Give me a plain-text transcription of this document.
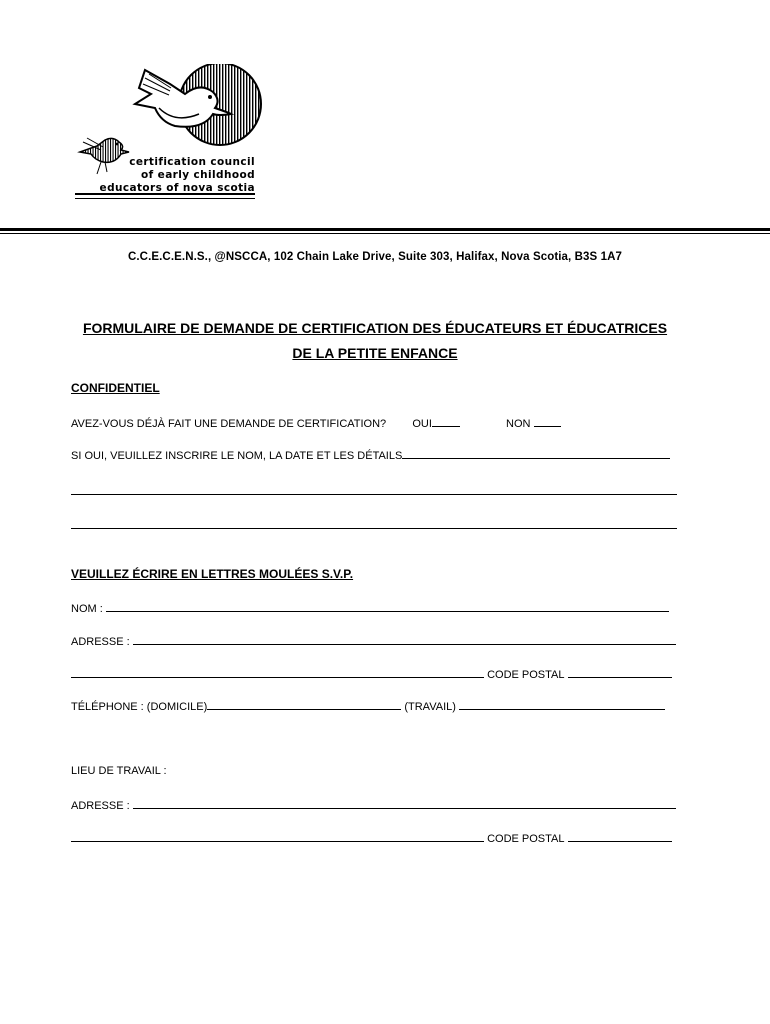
certification council
of early childhood
educators of nova scotia
C.C.E.C.E.N.S., @NSCCA, 102 Chain Lake Drive, Suite 303, Halifax, Nova Scotia, B3S 1A7
FORMULAIRE DE DEMANDE DE CERTIFICATION DES ÉDUCATEURS ET ÉDUCATRICES
DE LA PETITE ENFANCE
CONFIDENTIEL
AVEZ-VOUS DÉJÀ FAIT UNE DEMANDE DE CERTIFICATION? OUI	NON
SI OUI, VEUILLEZ INSCRIRE LE NOM, LA DATE ET LES DÉTAILS
VEUILLEZ ÉCRIRE EN LETTRES MOULÉES S.V.P.
NOM :
ADRESSE :
CODE POSTAL
TÉLÉPHONE : (DOMICILE)	(TRAVAIL)
LIEU DE TRAVAIL :
ADRESSE :
CODE POSTAL
